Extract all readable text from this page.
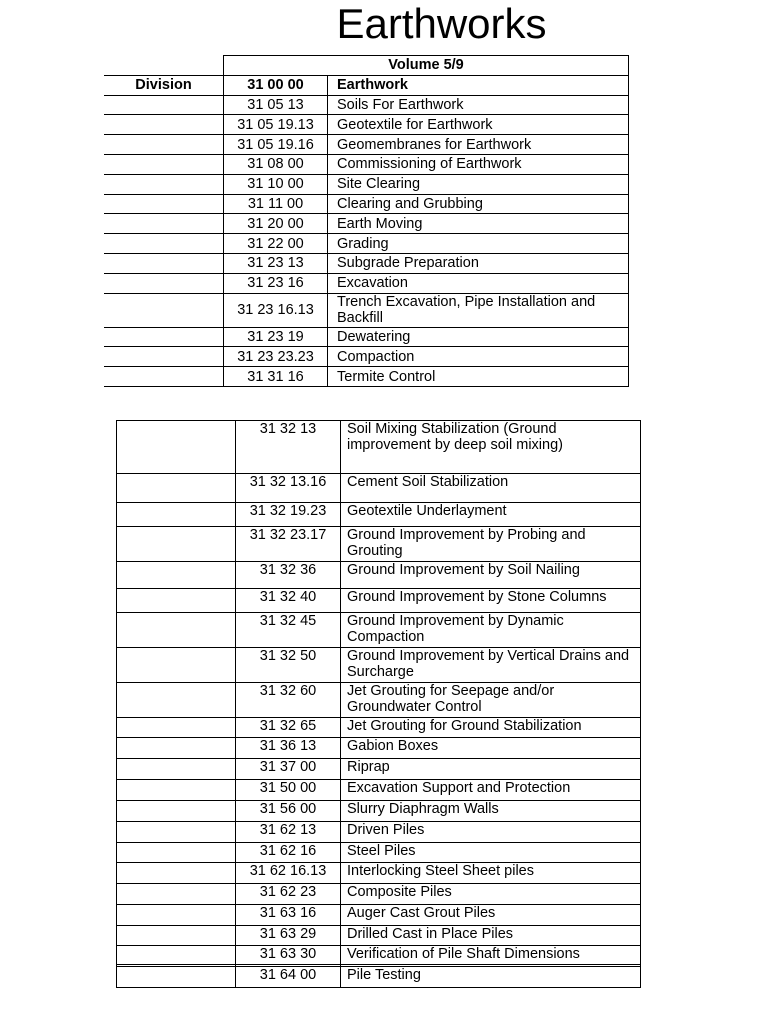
Earthworks
	Volume 5/9	
Division	31 00 00	Earthwork
	31 05 13	Soils For Earthwork
	31 05 19.13	Geotextile for Earthwork
	31 05 19.16	Geomembranes for Earthwork
	31 08 00	Commissioning of Earthwork
	31 10 00	Site Clearing
	31 11 00	Clearing and Grubbing
	31 20 00	Earth Moving
	31 22 00	Grading
	31 23 13	Subgrade Preparation
	31 23 16	Excavation
	31 23 16.13	Trench Excavation, Pipe Installation and Backfill
	31 23 19	Dewatering
	31 23 23.23	Compaction
	31 31 16	Termite Control
	31 32 13	Soil Mixing Stabilization (Ground improvement by deep soil mixing)
	31 32 13.16	Cement Soil Stabilization
	31 32 19.23	Geotextile Underlayment
	31 32 23.17	Ground Improvement by Probing and Grouting
	31 32 36	Ground Improvement by Soil Nailing
	31 32 40	Ground Improvement by Stone Columns
	31 32 45	Ground Improvement by Dynamic Compaction
	31 32 50	Ground Improvement by Vertical Drains and Surcharge
	31 32 60	Jet Grouting for Seepage and/or Groundwater Control
	31 32 65	Jet Grouting for Ground Stabilization
	31 36 13	Gabion Boxes
	31 37 00	Riprap
	31 50 00	Excavation Support and Protection
	31 56 00	Slurry Diaphragm Walls
	31 62 13	Driven Piles
	31 62 16	Steel Piles
	31 62 16.13	Interlocking Steel Sheet piles
	31 62 23	Composite Piles
	31 63 16	Auger Cast Grout Piles
	31 63 29	Drilled Cast in Place Piles
	31 63 30	Verification of Pile Shaft Dimensions
	31 64 00	Pile Testing
